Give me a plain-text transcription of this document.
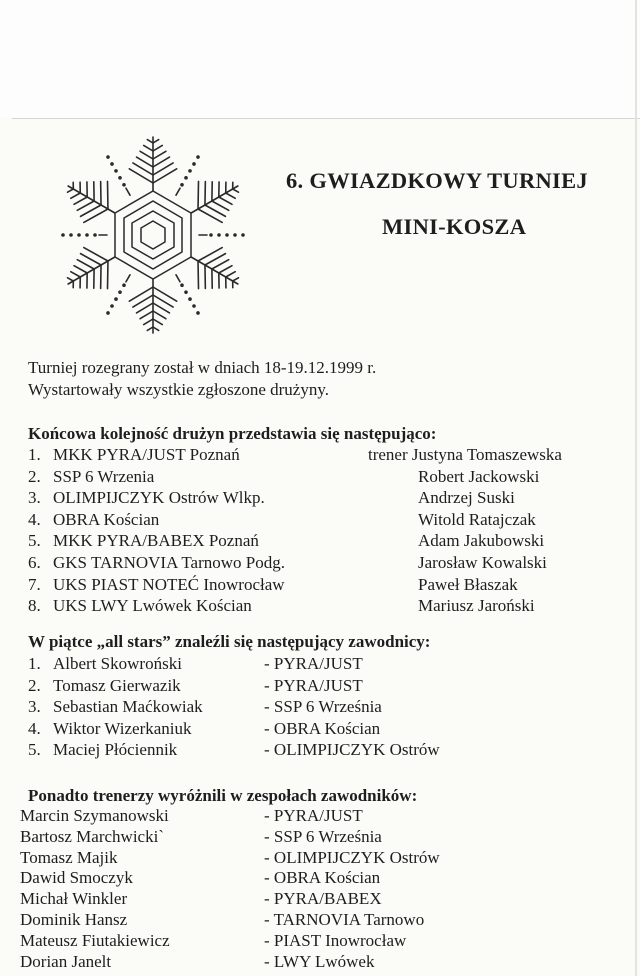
6. GWIAZDKOWY TURNIEJ
MINI-KOSZA
Turniej rozegrany został w dniach 18-19.12.1999 r.
Wystartowały wszystkie zgłoszone drużyny.
Końcowa kolejność drużyn przedstawia się następująco:
1. MKK PYRA/JUST Poznań	trener Justyna Tomaszewska
2. SSP 6 Wrzenia	Robert Jackowski
3. OLIMPIJCZYK Ostrów Wlkp.	Andrzej Suski
4. OBRA Kościan	Witold Ratajczak
5. MKK PYRA/BABEX Poznań	Adam Jakubowski
6. GKS TARNOVIA Tarnowo Podg.	Jarosław Kowalski
7. UKS PIAST NOTEĆ Inowrocław	Paweł Błaszak
8. UKS LWY Lwówek Kościan	Mariusz Jaroński
W piątce „all stars” znaleźli się następujący zawodnicy:
1. Albert Skowroński	- PYRA/JUST
2. Tomasz Gierwazik	- PYRA/JUST
3. Sebastian Maćkowiak	- SSP 6 Września
4. Wiktor Wizerkaniuk	- OBRA Kościan
5. Maciej Płóciennik	- OLIMPIJCZYK Ostrów
Ponadto trenerzy wyróżnili w zespołach zawodników:
Marcin Szymanowski	- PYRA/JUST
Bartosz Marchwicki`	- SSP 6 Września
Tomasz Majik	- OLIMPIJCZYK Ostrów
Dawid Smoczyk	- OBRA Kościan
Michał Winkler	- PYRA/BABEX
Dominik Hansz	- TARNOVIA Tarnowo
Mateusz Fiutakiewicz	- PIAST Inowrocław
Dorian Janelt	- LWY Lwówek
